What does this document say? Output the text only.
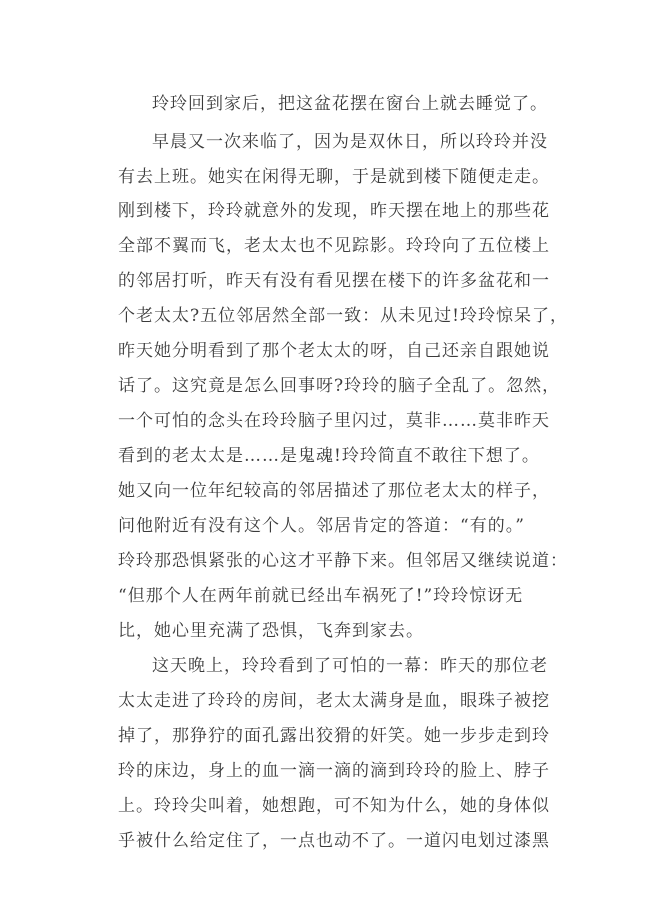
玲玲回到家后，把这盆花摆在窗台上就去睡觉了。
早晨又一次来临了，因为是双休日，所以玲玲并没
有去上班。她实在闲得无聊，于是就到楼下随便走走。
刚到楼下，玲玲就意外的发现，昨天摆在地上的那些花
全部不翼而飞，老太太也不见踪影。玲玲向了五位楼上
的邻居打听，昨天有没有看见摆在楼下的许多盆花和一
个老太太?五位邻居然全部一致：从未见过!玲玲惊呆了，
昨天她分明看到了那个老太太的呀，自己还亲自跟她说
话了。这究竟是怎么回事呀?玲玲的脑子全乱了。忽然，
一个可怕的念头在玲玲脑子里闪过，莫非……莫非昨天
看到的老太太是……是鬼魂!玲玲简直不敢往下想了。
她又向一位年纪较高的邻居描述了那位老太太的样子，
问他附近有没有这个人。邻居肯定的答道：“有的。”
玲玲那恐惧紧张的心这才平静下来。但邻居又继续说道：
“但那个人在两年前就已经出车祸死了!”玲玲惊讶无
比，她心里充满了恐惧，飞奔到家去。
这天晚上，玲玲看到了可怕的一幕：昨天的那位老
太太走进了玲玲的房间，老太太满身是血，眼珠子被挖
掉了，那狰狞的面孔露出狡猾的奸笑。她一步步走到玲
玲的床边，身上的血一滴一滴的滴到玲玲的脸上、脖子
上。玲玲尖叫着，她想跑，可不知为什么，她的身体似
乎被什么给定住了，一点也动不了。一道闪电划过漆黑
